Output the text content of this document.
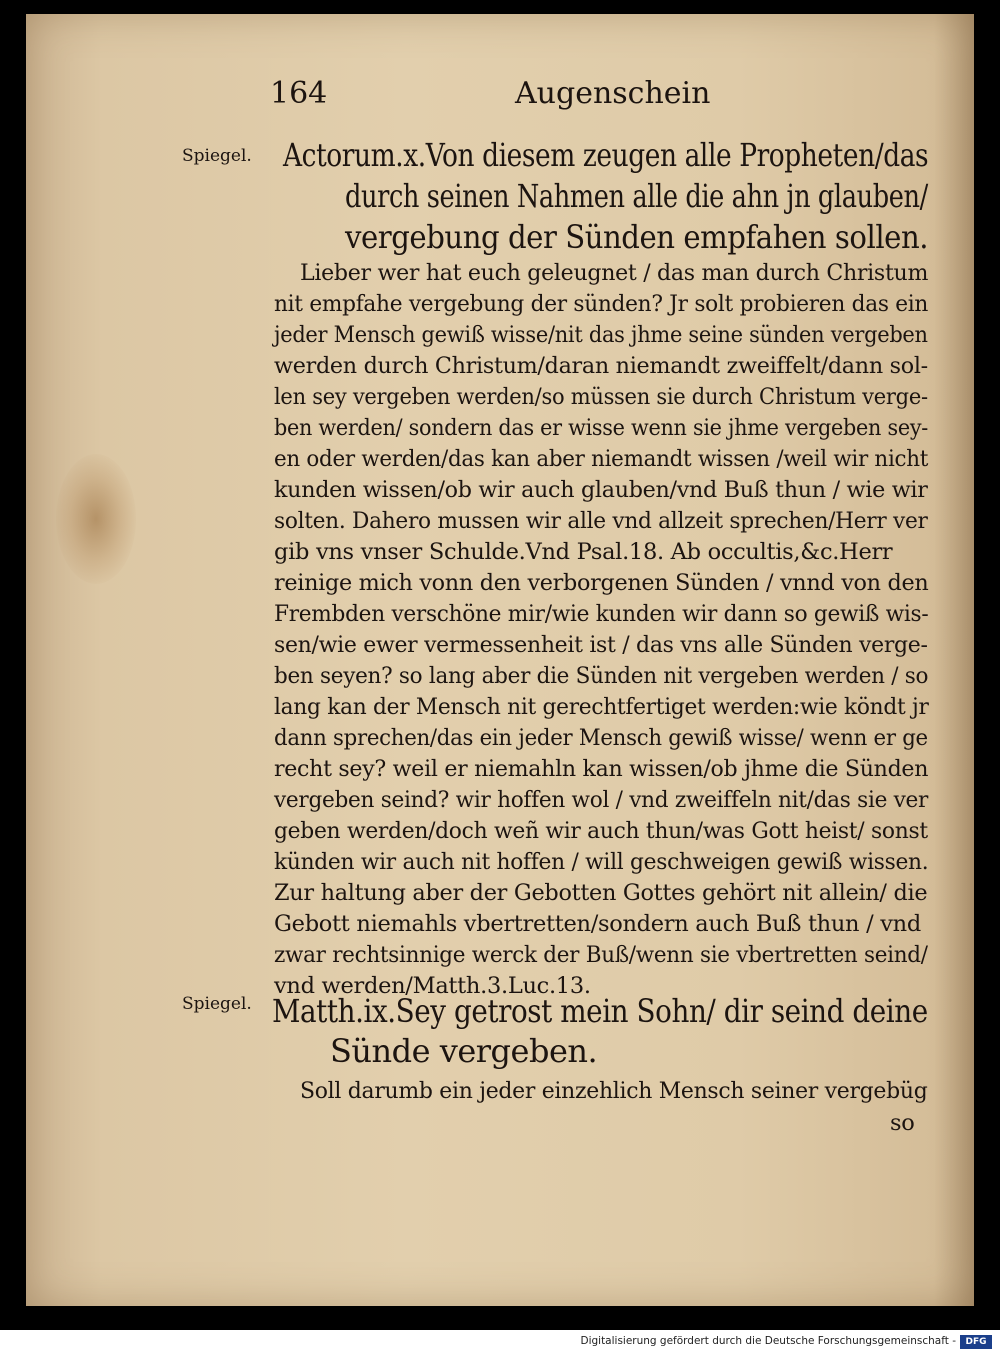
164	Augenschein
Spiegel. Actorum.x.Von diesem zeugen alle Propheten/das
durch seinen Nahmen alle die ahn jn glauben/
vergebung der Sünden empfahen sollen.
Lieber wer hat euch geleugnet / das man durch Christum
nit empfahe vergebung der sünden? Jr solt probieren das ein
jeder Mensch gewiß wisse/nit das jhme seine sünden vergeben
werden durch Christum/daran niemandt zweiffelt/dann sol-
len sey vergeben werden/so müssen sie durch Christum verge-
ben werden/ sondern das er wisse wenn sie jhme vergeben sey-
en oder werden/das kan aber niemandt wissen /weil wir nicht
kunden wissen/ob wir auch glauben/vnd Buß thun / wie wir
solten. Dahero mussen wir alle vnd allzeit sprechen/Herr ver
gib vns vnser Schulde.Vnd Psal.18. Ab occultis,&c.Herr
reinige mich vonn den verborgenen Sünden / vnnd von den
Frembden verschöne mir/wie kunden wir dann so gewiß wis-
sen/wie ewer vermessenheit ist / das vns alle Sünden verge-
ben seyen? so lang aber die Sünden nit vergeben werden / so
lang kan der Mensch nit gerechtfertiget werden:wie köndt jr
dann sprechen/das ein jeder Mensch gewiß wisse/ wenn er ge
recht sey? weil er niemahln kan wissen/ob jhme die Sünden
vergeben seind? wir hoffen wol / vnd zweiffeln nit/das sie ver
geben werden/doch weñ wir auch thun/was Gott heist/ sonst
künden wir auch nit hoffen / will geschweigen gewiß wissen.
Zur haltung aber der Gebotten Gottes gehört nit allein/ die
Gebott niemahls vbertretten/sondern auch Buß thun / vnd
zwar rechtsinnige werck der Buß/wenn sie vbertretten seind/
vnd werden/Matth.3.Luc.13.
Spiegel. Matth.ix.Sey getrost mein Sohn/ dir seind deine
Sünde vergeben.
Soll darumb ein jeder einzehlich Mensch seiner vergebüg
so
Digitalisierung gefördert durch die Deutsche Forschungsgemeinschaft -	DFG
